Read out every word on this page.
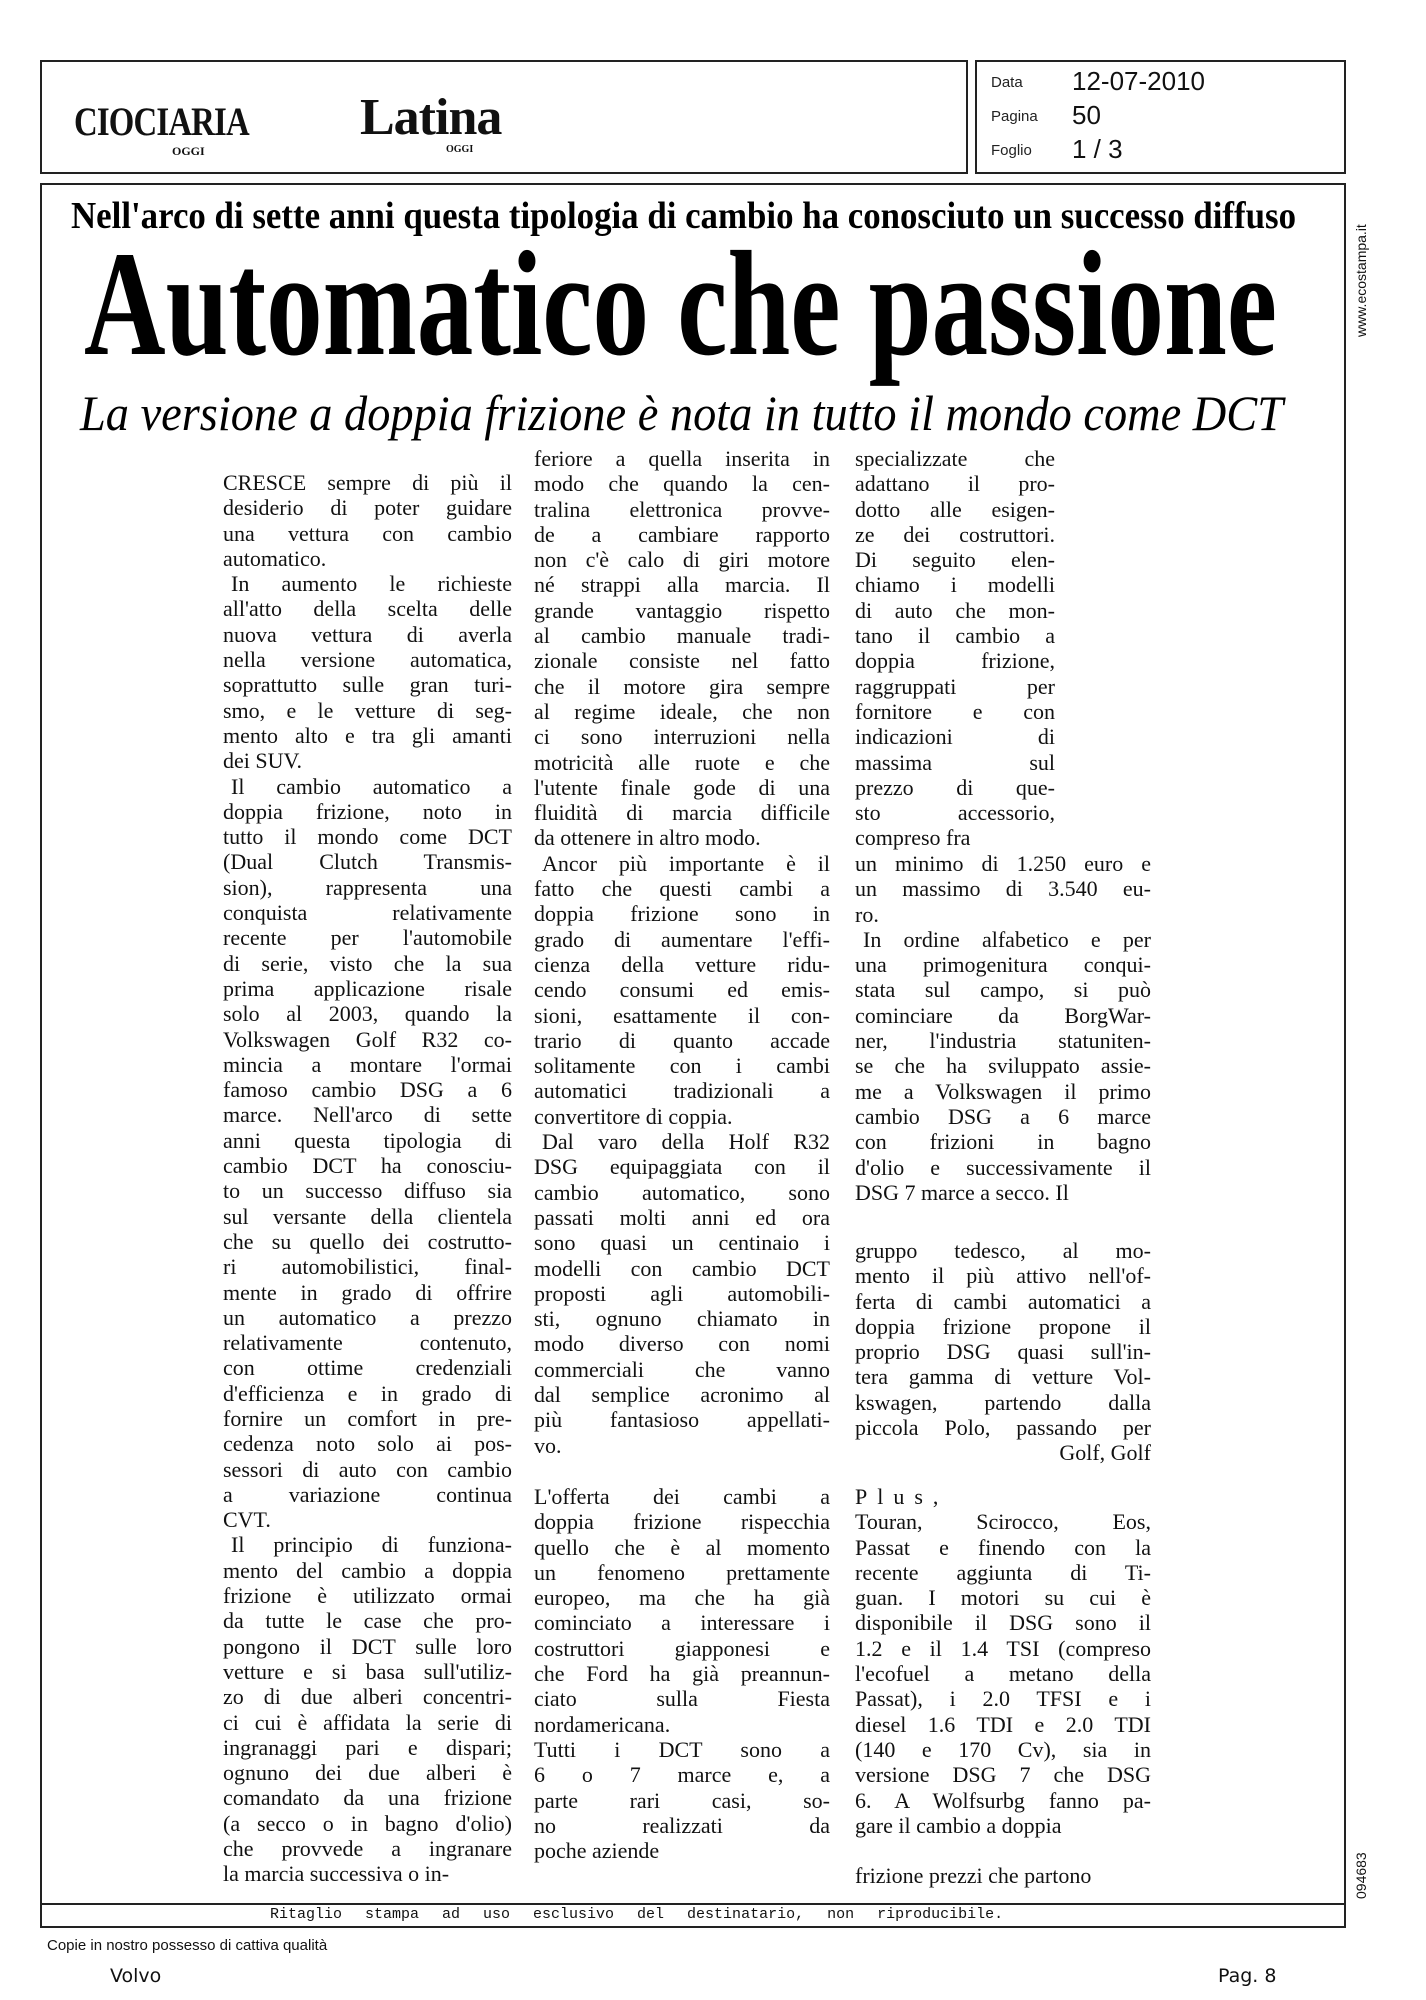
CIOCIARIA
OGGI
Latina
OGGI
Data 12-07-2010
Pagina 50
Foglio 1 / 3
Nell'arco di sette anni questa tipologia di cambio ha conosciuto un successo diffuso
Automatico che passione
La versione a doppia frizione è nota in tutto il mondo come DCT
CRESCE sempre di più il
desiderio di poter guidare
una vettura con cambio
automatico.
In aumento le richieste
all'atto della scelta delle
nuova vettura di averla
nella versione automatica,
soprattutto sulle gran turi-
smo, e le vetture di seg-
mento alto e tra gli amanti
dei SUV.
Il cambio automatico a
doppia frizione, noto in
tutto il mondo come DCT
(Dual Clutch Transmis-
sion), rappresenta una
conquista relativamente
recente per l'automobile
di serie, visto che la sua
prima applicazione risale
solo al 2003, quando la
Volkswagen Golf R32 co-
mincia a montare l'ormai
famoso cambio DSG a 6
marce. Nell'arco di sette
anni questa tipologia di
cambio DCT ha conosciu-
to un successo diffuso sia
sul versante della clientela
che su quello dei costrutto-
ri automobilistici, final-
mente in grado di offrire
un automatico a prezzo
relativamente contenuto,
con ottime credenziali
d'efficienza e in grado di
fornire un comfort in pre-
cedenza noto solo ai pos-
sessori di auto con cambio
a variazione continua
CVT.
Il principio di funziona-
mento del cambio a doppia
frizione è utilizzato ormai
da tutte le case che pro-
pongono il DCT sulle loro
vetture e si basa sull'utiliz-
zo di due alberi concentri-
ci cui è affidata la serie di
ingranaggi pari e dispari;
ognuno dei due alberi è
comandato da una frizione
(a secco o in bagno d'olio)
che provvede a ingranare
la marcia successiva o in-
feriore a quella inserita in
modo che quando la cen-
tralina elettronica provve-
de a cambiare rapporto
non c'è calo di giri motore
né strappi alla marcia. Il
grande vantaggio rispetto
al cambio manuale tradi-
zionale consiste nel fatto
che il motore gira sempre
al regime ideale, che non
ci sono interruzioni nella
motricità alle ruote e che
l'utente finale gode di una
fluidità di marcia difficile
da ottenere in altro modo.
Ancor più importante è il
fatto che questi cambi a
doppia frizione sono in
grado di aumentare l'effi-
cienza della vetture ridu-
cendo consumi ed emis-
sioni, esattamente il con-
trario di quanto accade
solitamente con i cambi
automatici tradizionali a
convertitore di coppia.
Dal varo della Holf R32
DSG equipaggiata con il
cambio automatico, sono
passati molti anni ed ora
sono quasi un centinaio i
modelli con cambio DCT
proposti agli automobili-
sti, ognuno chiamato in
modo diverso con nomi
commerciali che vanno
dal semplice acronimo al
più fantasioso appellati-
vo.
L'offerta dei cambi a
doppia frizione rispecchia
quello che è al momento
un fenomeno prettamente
europeo, ma che ha già
cominciato a interessare i
costruttori giapponesi e
che Ford ha già preannun-
ciato sulla Fiesta
nordamericana.
Tutti i DCT sono a
6 o 7 marce e, a
parte rari casi, so-
no realizzati da
poche aziende
specializzate che
adattano il pro-
dotto alle esigen-
ze dei costruttori.
Di seguito elen-
chiamo i modelli
di auto che mon-
tano il cambio a
doppia frizione,
raggruppati per
fornitore e con
indicazioni di
massima sul
prezzo di que-
sto accessorio,
compreso fra
un minimo di 1.250 euro e
un massimo di 3.540 eu-
ro.
In ordine alfabetico e per
una primogenitura conqui-
stata sul campo, si può
cominciare da BorgWar-
ner, l'industria statuniten-
se che ha sviluppato assie-
me a Volkswagen il primo
cambio DSG a 6 marce
con frizioni in bagno
d'olio e successivamente il
DSG 7 marce a secco. Il
gruppo tedesco, al mo-
mento il più attivo nell'of-
ferta di cambi automatici a
doppia frizione propone il
proprio DSG quasi sull'in-
tera gamma di vetture Vol-
kswagen, partendo dalla
piccola Polo, passando per
Golf, Golf
Plus,
Touran, Scirocco, Eos,
Passat e finendo con la
recente aggiunta di Ti-
guan. I motori su cui è
disponibile il DSG sono il
1.2 e il 1.4 TSI (compreso
l'ecofuel a metano della
Passat), i 2.0 TFSI e i
diesel 1.6 TDI e 2.0 TDI
(140 e 170 Cv), sia in
versione DSG 7 che DSG
6. A Wolfsurbg fanno pa-
gare il cambio a doppia
frizione prezzi che partono
Ritaglio stampa ad uso esclusivo del destinatario, non riproducibile.
www.ecostampa.it
094683
Copie in nostro possesso di cattiva qualità
Volvo	Pag. 8
